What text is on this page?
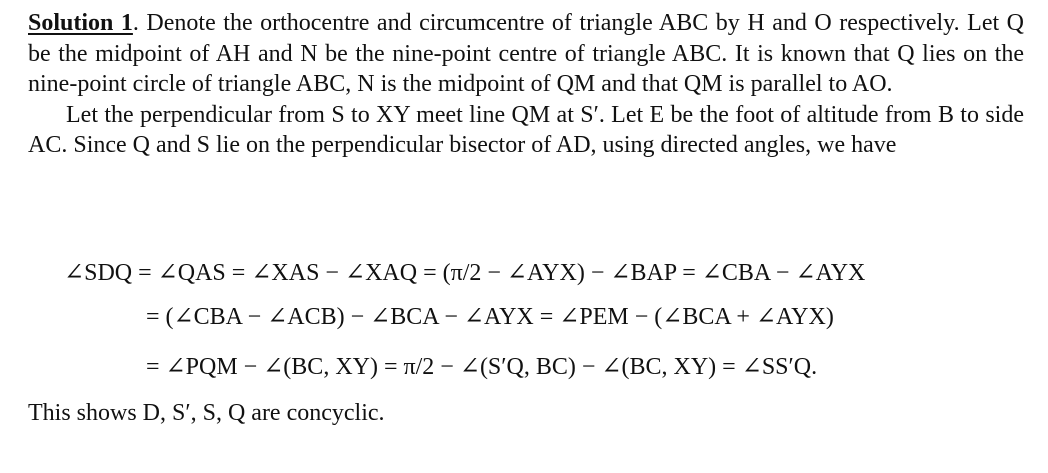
Solution 1. Denote the orthocentre and circumcentre of triangle ABC by H and O respectively. Let Q be the midpoint of AH and N be the nine-point centre of triangle ABC. It is known that Q lies on the nine-point circle of triangle ABC, N is the midpoint of QM and that QM is parallel to AO.

Let the perpendicular from S to XY meet line QM at S′. Let E be the foot of altitude from B to side AC. Since Q and S lie on the perpendicular bisector of AD, using directed angles, we have

∠SDQ = ∠QAS = ∠XAS − ∠XAQ = (π/2 − ∠AYX) − ∠BAP = ∠CBA − ∠AYX
= (∠CBA − ∠ACB) − ∠BCA − ∠AYX = ∠PEM − (∠BCA + ∠AYX)
= ∠PQM − ∠(BC, XY) = π/2 − ∠(S′Q, BC) − ∠(BC, XY) = ∠SS′Q.

This shows D, S′, S, Q are concyclic.
